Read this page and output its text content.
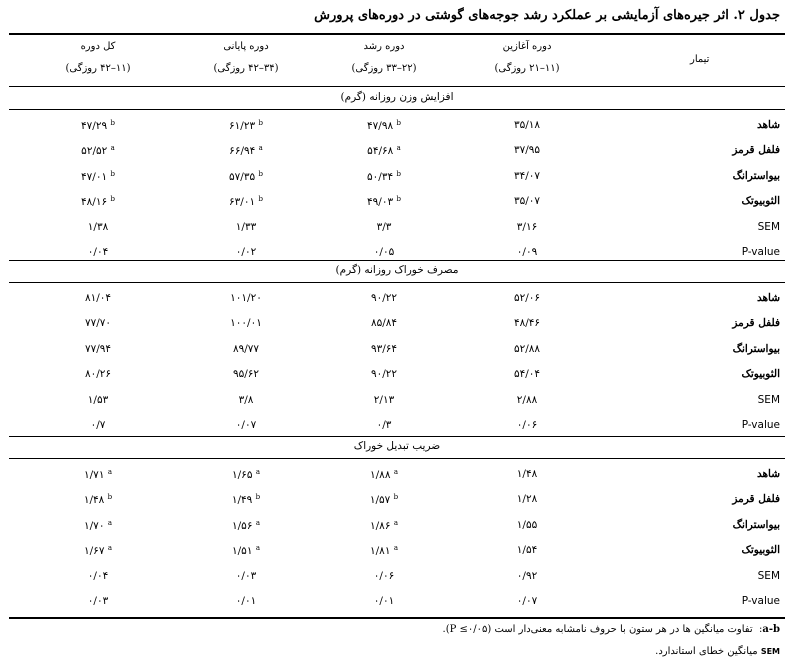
جدول ۲. اثر جیره‌های آزمایشی بر عملکرد رشد جوجه‌های گوشتی در دوره‌های پرورش
تیمار
دوره آغازین
(۱۱–۲۱ روزگی)
دوره رشد
(۲۲–۳۳ روزگی)
دوره پایانی
(۳۴–۴۲ روزگی)
کل دوره
(۱۱–۴۲ روزگی)
افزایش وزن روزانه (گرم)
شاهد
۳۵/۱۸
۴۷/۹۸ $^b$
۶۱/۲۳ $^b$
۴۷/۲۹ $^b$
فلفل قرمز
۳۷/۹۵
۵۴/۶۸ $^a$
۶۶/۹۴ $^a$
۵۲/۵۲ $^a$
بیواسترانگ
۳۴/۰۷
۵۰/۳۴ $^b$
۵۷/۳۵ $^b$
۴۷/۰۱ $^b$
الثوبیوتک
۳۵/۰۷
۴۹/۰۳ $^b$
۶۳/۰۱ $^b$
۴۸/۱۶ $^b$
SEM
۳/۱۶
۳/۳
۱/۳۳
۱/۳۸
P-value
۰/۰۹
۰/۰۵
۰/۰۲
۰/۰۴
مصرف خوراک روزانه (گرم)
شاهد
۵۲/۰۶
۹۰/۲۲
۱۰۱/۲۰
۸۱/۰۴
فلفل قرمز
۴۸/۴۶
۸۵/۸۴
۱۰۰/۰۱
۷۷/۷۰
بیواسترانگ
۵۲/۸۸
۹۳/۶۴
۸۹/۷۷
۷۷/۹۴
الثوبیوتک
۵۴/۰۴
۹۰/۲۲
۹۵/۶۲
۸۰/۲۶
SEM
۲/۸۸
۲/۱۳
۳/۸
۱/۵۳
P-value
۰/۰۶
۰/۳
۰/۰۷
۰/۷
ضریب تبدیل خوراک
شاهد
۱/۴۸
۱/۸۸ $^a$
۱/۶۵ $^a$
۱/۷۱ $^a$
فلفل قرمز
۱/۲۸
۱/۵۷ $^b$
۱/۴۹ $^b$
۱/۴۸ $^b$
بیواسترانگ
۱/۵۵
۱/۸۶ $^a$
۱/۵۶ $^a$
۱/۷۰ $^a$
الثوبیوتک
۱/۵۴
۱/۸۱ $^a$
۱/۵۱ $^a$
۱/۶۷ $^a$
SEM
۰/۹۲
۰/۰۶
۰/۰۳
۰/۰۴
P-value
۰/۰۷
۰/۰۱
۰/۰۱
۰/۰۳
a-b:  تفاوت میانگین ها در هر ستون با حروف نامشابه معنی‌دار است (P ≤۰/۰۵).
SEM میانگین خطای استاندارد.
